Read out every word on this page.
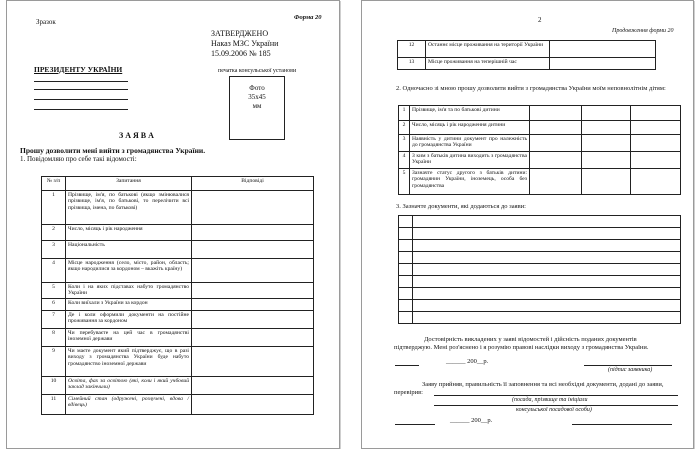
Зразок
Форма 20
ЗАТВЕРДЖЕНО
Наказ МЗС України
15.09.2006 № 185
ПРЕЗИДЕНТУ УКРАЇНИ	печатка консульської установи
Фото
35х45
мм
З А Я В А
Прошу дозволити мені вийти з громадянства України.
1. Повідомляю про себе такі відомості:
№ з/п	Запитання	Відповіді
1	Прізвище, ім'я, по батькові (якщо змінювалися прізвище, ім'я, по батькові, то перелічити всі прізвища, імена, по батькові)	
2	Число, місяць і рік народження	
3	Національність	
4	Місце народження (село, місто, район, область; якщо народилися за кордоном – вкажіть країну)	
5	Коли і на яких підставах набуто громадянство України	
6	Коли виїхали з України за кордон	
7	Де і коли оформили документи на постійне проживання за кордоном	
8	Чи перебуваєте на цей час в громадянстві іноземної держави	
9	Чи маєте документ який підтверджує, що в разі виходу з громадянства України буде набуто громадянство іноземної держави	
10	Освіта, фах за освітою (які, коли і який учбовий заклад закінчили)	
11	Сімейний стан (одружені, розлучені, вдова / вдівець)	
2
Продовження форми 20
12	Останнє місце проживання на території України	
13	Місце проживання на теперішній час	
2. Одночасно зі мною прошу дозволити вийти з громадянства України моїм неповнолітнім дітям:
1	Прізвище, ім'я та по батькові дитини			
2	Число, місяць і рік народження дитини			
3	Наявність у дитини документ про належність до громадянства України			
4	З ким з батьків дитина виходить з громадянства України			
5	Зазначте статус другого з батьків дитини: громадянин України, іноземець, особа без громадянства			
3. Зазначте документи, які додаються до заяви:

Достовірність викладених у заяві відомостей і дійсність поданих документів підтверджую. Мені роз'яснено і я розумію правові наслідки виходу з громадянства України.
______ 200__р.
(підпис заявника)
Заяву прийняв, правильність її заповнення та всі необхідні документи, додані до заяви, перевірив:
(посада, прізвище та ініціали
консульської посадової особи)
______ 200__р.
